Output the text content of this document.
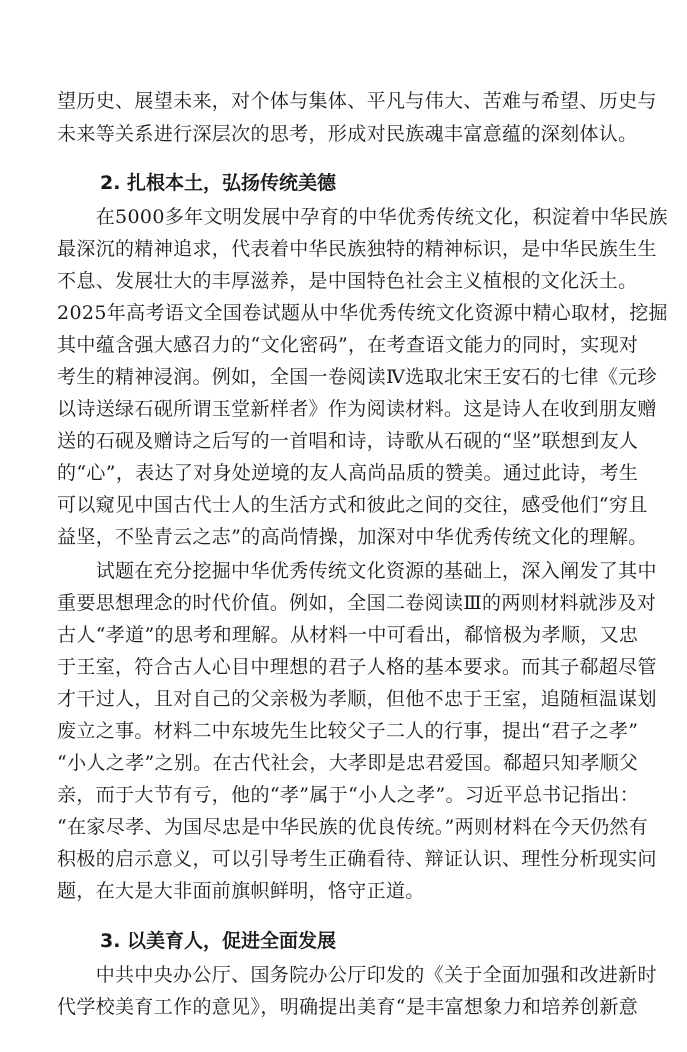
望历史、展望未来，对个体与集体、平凡与伟大、苦难与希望、历史与
未来等关系进行深层次的思考，形成对民族魂丰富意蕴的深刻体认。
2. 扎根本土，弘扬传统美德
　　在5000多年文明发展中孕育的中华优秀传统文化，积淀着中华民族
最深沉的精神追求，代表着中华民族独特的精神标识，是中华民族生生
不息、发展壮大的丰厚滋养，是中国特色社会主义植根的文化沃土。
2025年高考语文全国卷试题从中华优秀传统文化资源中精心取材，挖掘
其中蕴含强大感召力的“文化密码”，在考查语文能力的同时，实现对
考生的精神浸润。例如，全国一卷阅读Ⅳ选取北宋王安石的七律《元珍
以诗送绿石砚所谓玉堂新样者》作为阅读材料。这是诗人在收到朋友赠
送的石砚及赠诗之后写的一首唱和诗，诗歌从石砚的“坚”联想到友人
的“心”，表达了对身处逆境的友人高尚品质的赞美。通过此诗，考生
可以窥见中国古代士人的生活方式和彼此之间的交往，感受他们“穷且
益坚，不坠青云之志”的高尚情操，加深对中华优秀传统文化的理解。
　　试题在充分挖掘中华优秀传统文化资源的基础上，深入阐发了其中
重要思想理念的时代价值。例如，全国二卷阅读Ⅲ的两则材料就涉及对
古人“孝道”的思考和理解。从材料一中可看出，郗愔极为孝顺，又忠
于王室，符合古人心目中理想的君子人格的基本要求。而其子郗超尽管
才干过人，且对自己的父亲极为孝顺，但他不忠于王室，追随桓温谋划
废立之事。材料二中东坡先生比较父子二人的行事，提出“君子之孝”
“小人之孝”之别。在古代社会，大孝即是忠君爱国。郗超只知孝顺父
亲，而于大节有亏，他的“孝”属于“小人之孝”。习近平总书记指出：
“在家尽孝、为国尽忠是中华民族的优良传统。”两则材料在今天仍然有
积极的启示意义，可以引导考生正确看待、辩证认识、理性分析现实问
题，在大是大非面前旗帜鲜明，恪守正道。
3. 以美育人，促进全面发展
　　中共中央办公厅、国务院办公厅印发的《关于全面加强和改进新时
代学校美育工作的意见》，明确提出美育“是丰富想象力和培养创新意
